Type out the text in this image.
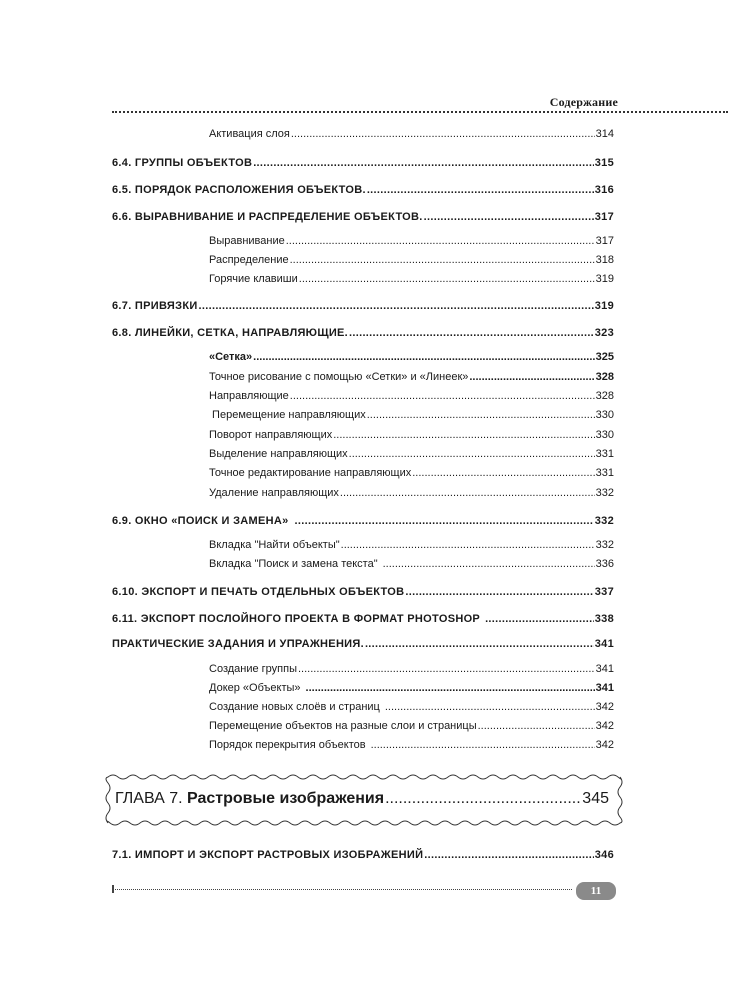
Содержание
Активация слоя .....	314
6.4. ГРУППЫ ОБЪЕКТОВ .....	315
6.5. ПОРЯДОК РАСПОЛОЖЕНИЯ ОБЪЕКТОВ. .....	316
6.6. ВЫРАВНИВАНИЕ И РАСПРЕДЕЛЕНИЕ ОБЪЕКТОВ. .....	317
Выравнивание .....	317
Распределение .....	318
Горячие клавиши .....	319
6.7. ПРИВЯЗКИ .....	319
6.8. ЛИНЕЙКИ, СЕТКА, НАПРАВЛЯЮЩИЕ. .....	323
«Сетка» .....	325
Точное рисование с помощью «Сетки» и «Линеек» .....	328
Направляющие .....	328
Перемещение направляющих .....	330
Поворот направляющих .....	330
Выделение направляющих .....	331
Точное редактирование направляющих .....	331
Удаление направляющих .....	332
6.9. ОКНО «ПОИСК И ЗАМЕНА» .....	332
Вкладка "Найти объекты" .....	332
Вкладка "Поиск и замена текста" .....	336
6.10. ЭКСПОРТ И ПЕЧАТЬ ОТДЕЛЬНЫХ ОБЪЕКТОВ .....	337
6.11. ЭКСПОРТ ПОСЛОЙНОГО ПРОЕКТА В ФОРМАТ PHOTOSHOP .....	338
ПРАКТИЧЕСКИЕ ЗАДАНИЯ И УПРАЖНЕНИЯ. .....	341
Создание группы .....	341
Докер «Объекты» .....	341
Создание новых слоёв и страниц .....	342
Перемещение объектов на разные слои и страницы .....	342
Порядок перекрытия объектов .....	342
ГЛАВА 7. Растровые изображения .....	345
7.1. ИМПОРТ И ЭКСПОРТ РАСТРОВЫХ ИЗОБРАЖЕНИЙ .....	346
11
